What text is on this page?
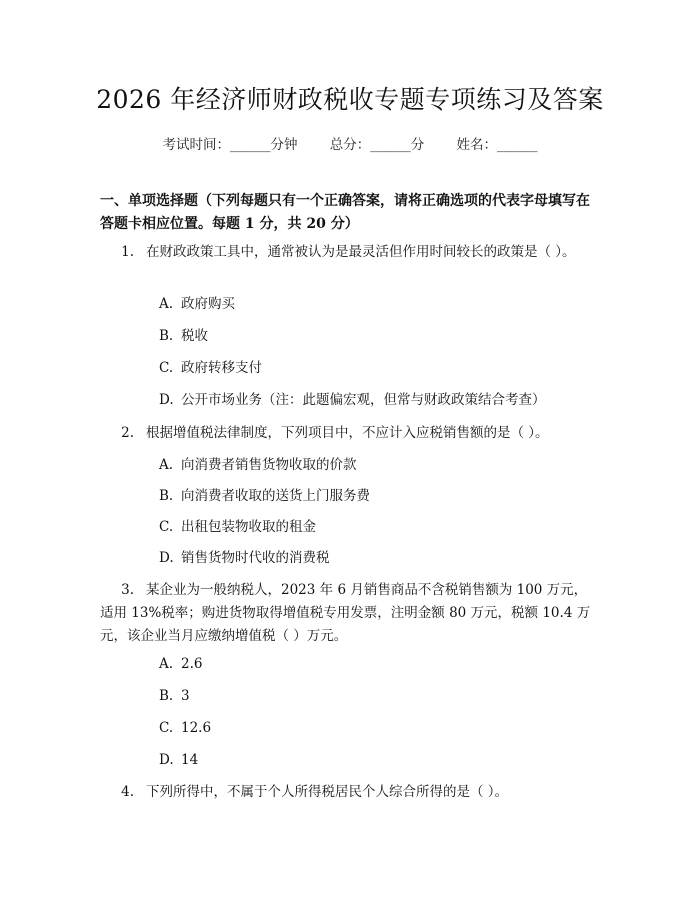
2026 年经济师财政税收专题专项练习及答案
考试时间：______分钟 总分：______分 姓名：______
一、单项选择题（下列每题只有一个正确答案，请将正确选项的代表字母填写在答题卡相应位置。每题 1 分，共 20 分）
1. 在财政政策工具中，通常被认为是最灵活但作用时间较长的政策是（ ）。
A. 政府购买
B. 税收
C. 政府转移支付
D. 公开市场业务（注：此题偏宏观，但常与财政政策结合考查）
2. 根据增值税法律制度，下列项目中，不应计入应税销售额的是（ ）。
A. 向消费者销售货物收取的价款
B. 向消费者收取的送货上门服务费
C. 出租包装物收取的租金
D. 销售货物时代收的消费税
3. 某企业为一般纳税人，2023 年 6 月销售商品不含税销售额为 100 万元，适用 13%税率；购进货物取得增值税专用发票，注明金额 80 万元，税额 10.4 万元，该企业当月应缴纳增值税（ ）万元。
A. 2.6
B. 3
C. 12.6
D. 14
4. 下列所得中，不属于个人所得税居民个人综合所得的是（ ）。
